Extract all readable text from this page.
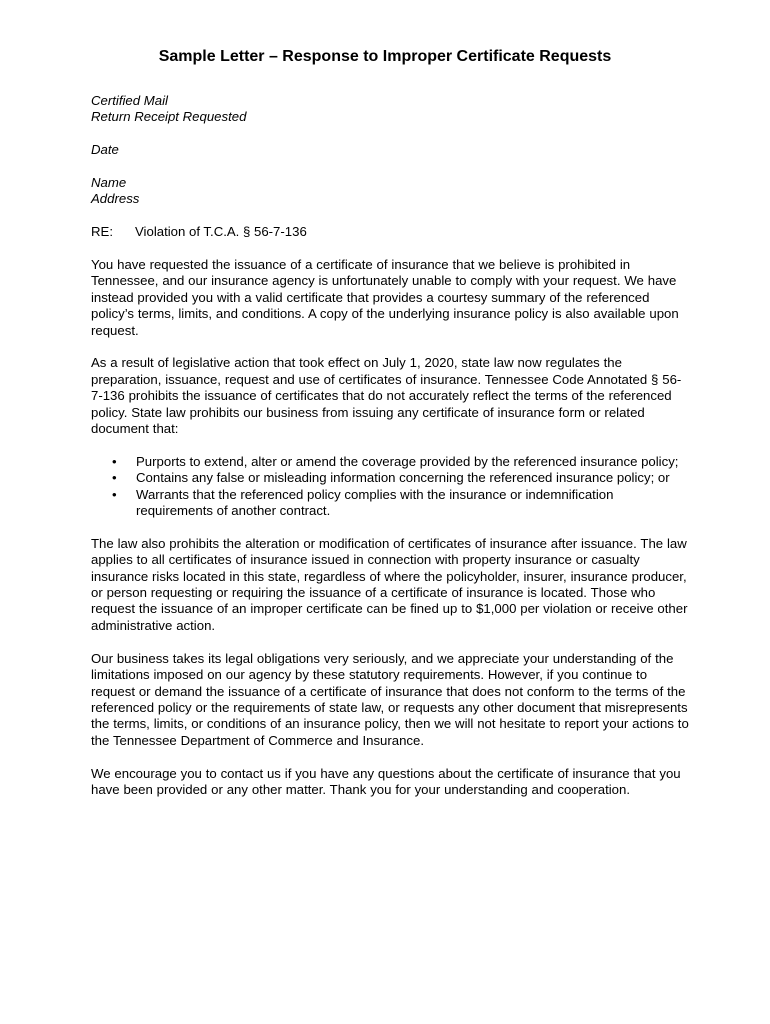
Sample Letter – Response to Improper Certificate Requests

Certified Mail

Return Receipt Requested

Date

Name

Address

RE:	Violation of T.C.A. § 56-7-136

You have requested the issuance of a certificate of insurance that we believe is prohibited in Tennessee, and our insurance agency is unfortunately unable to comply with your request. We have instead provided you with a valid certificate that provides a courtesy summary of the referenced policy’s terms, limits, and conditions. A copy of the underlying insurance policy is also available upon request.

As a result of legislative action that took effect on July 1, 2020, state law now regulates the preparation, issuance, request and use of certificates of insurance. Tennessee Code Annotated § 56-7-136 prohibits the issuance of certificates that do not accurately reflect the terms of the referenced policy. State law prohibits our business from issuing any certificate of insurance form or related document that:

• Purports to extend, alter or amend the coverage provided by the referenced insurance policy;
• Contains any false or misleading information concerning the referenced insurance policy; or
• Warrants that the referenced policy complies with the insurance or indemnification requirements of another contract.

The law also prohibits the alteration or modification of certificates of insurance after issuance. The law applies to all certificates of insurance issued in connection with property insurance or casualty insurance risks located in this state, regardless of where the policyholder, insurer, insurance producer, or person requesting or requiring the issuance of a certificate of insurance is located. Those who request the issuance of an improper certificate can be fined up to $1,000 per violation or receive other administrative action.

Our business takes its legal obligations very seriously, and we appreciate your understanding of the limitations imposed on our agency by these statutory requirements. However, if you continue to request or demand the issuance of a certificate of insurance that does not conform to the terms of the referenced policy or the requirements of state law, or requests any other document that misrepresents the terms, limits, or conditions of an insurance policy, then we will not hesitate to report your actions to the Tennessee Department of Commerce and Insurance.

We encourage you to contact us if you have any questions about the certificate of insurance that you have been provided or any other matter. Thank you for your understanding and cooperation.
